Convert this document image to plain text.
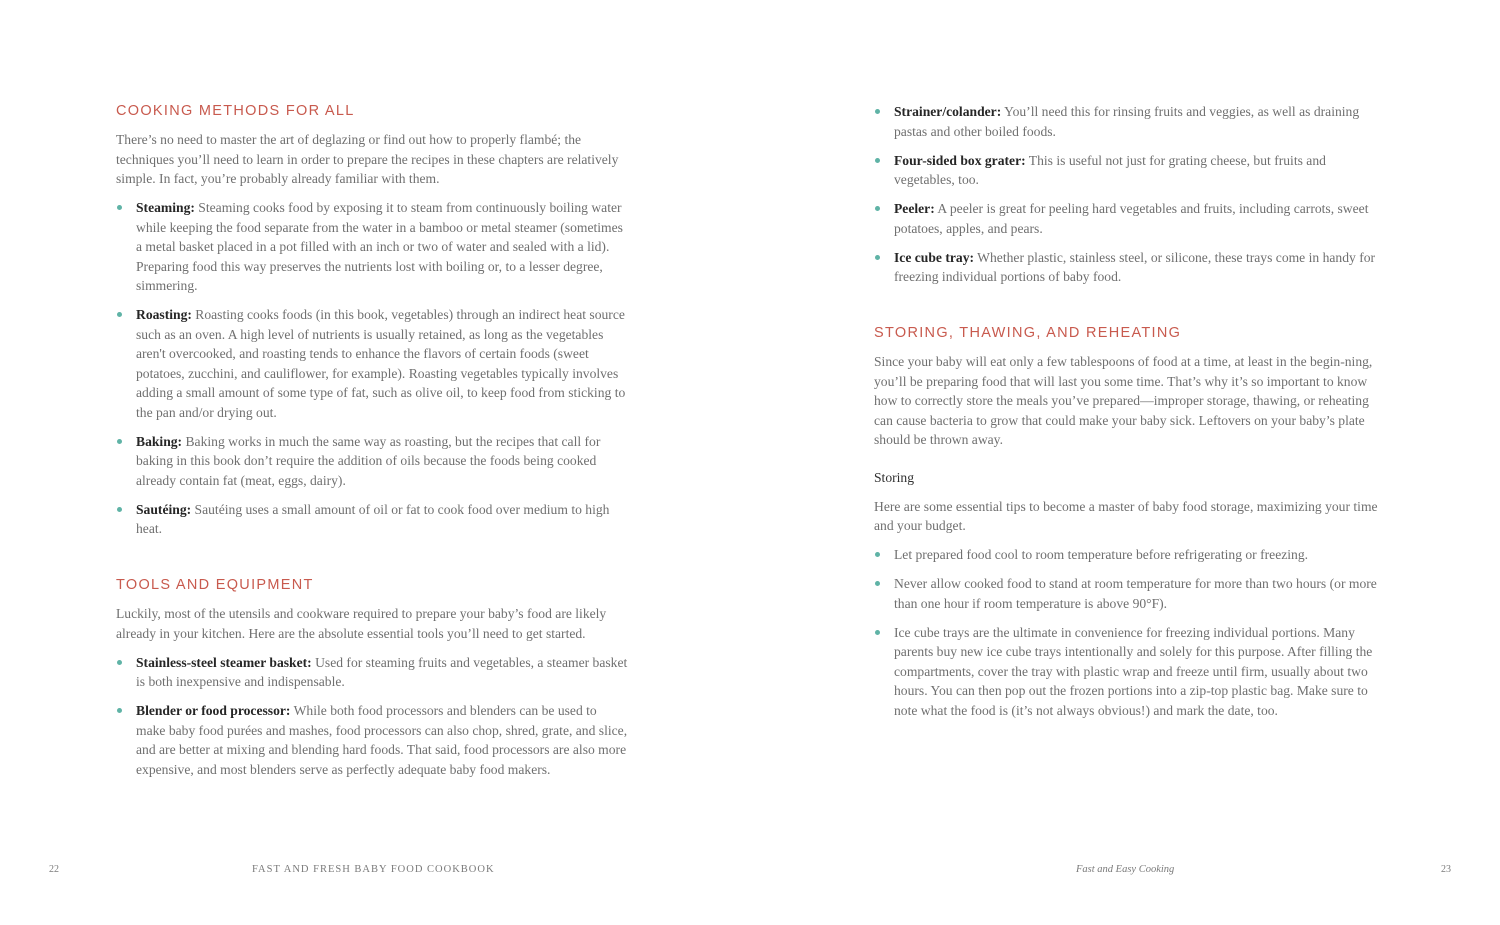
COOKING METHODS FOR ALL

There’s no need to master the art of deglazing or find out how to properly flambé; the techniques you’ll need to learn in order to prepare the recipes in these chapters are relatively simple. In fact, you’re probably already familiar with them.

Steaming: Steaming cooks food by exposing it to steam from continuously boiling water while keeping the food separate from the water in a bamboo or metal steamer (sometimes a metal basket placed in a pot filled with an inch or two of water and sealed with a lid). Preparing food this way preserves the nutrients lost with boiling or, to a lesser degree, simmering.
Roasting: Roasting cooks foods (in this book, vegetables) through an indirect heat source such as an oven. A high level of nutrients is usually retained, as long as the vegetables aren't overcooked, and roasting tends to enhance the flavors of certain foods (sweet potatoes, zucchini, and cauliflower, for example). Roasting vegetables typically involves adding a small amount of some type of fat, such as olive oil, to keep food from sticking to the pan and/or drying out.
Baking: Baking works in much the same way as roasting, but the recipes that call for baking in this book don’t require the addition of oils because the foods being cooked already contain fat (meat, eggs, dairy).
Sautéing: Sautéing uses a small amount of oil or fat to cook food over medium to high heat.
TOOLS AND EQUIPMENT

Luckily, most of the utensils and cookware required to prepare your baby’s food are likely already in your kitchen. Here are the absolute essential tools you’ll need to get started.

Stainless-steel steamer basket: Used for steaming fruits and vegetables, a steamer basket is both inexpensive and indispensable.
Blender or food processor: While both food processors and blenders can be used to make baby food purées and mashes, food processors can also chop, shred, grate, and slice, and are better at mixing and blending hard foods. That said, food processors are also more expensive, and most blenders serve as perfectly adequate baby food makers.
22	FAST AND FRESH BABY FOOD COOKBOOK
Strainer/colander: You’ll need this for rinsing fruits and veggies, as well as draining pastas and other boiled foods.
Four-sided box grater: This is useful not just for grating cheese, but fruits and vegetables, too.
Peeler: A peeler is great for peeling hard vegetables and fruits, including carrots, sweet potatoes, apples, and pears.
Ice cube tray: Whether plastic, stainless steel, or silicone, these trays come in handy for freezing individual portions of baby food.
STORING, THAWING, AND REHEATING

Since your baby will eat only a few tablespoons of food at a time, at least in the begin-ning, you’ll be preparing food that will last you some time. That’s why it’s so important to know how to correctly store the meals you’ve prepared—improper storage, thawing, or reheating can cause bacteria to grow that could make your baby sick. Leftovers on your baby’s plate should be thrown away.

Storing

Here are some essential tips to become a master of baby food storage, maximizing your time and your budget.

Let prepared food cool to room temperature before refrigerating or freezing.
Never allow cooked food to stand at room temperature for more than two hours (or more than one hour if room temperature is above 90°F).
Ice cube trays are the ultimate in convenience for freezing individual portions. Many parents buy new ice cube trays intentionally and solely for this purpose. After filling the compartments, cover the tray with plastic wrap and freeze until firm, usually about two hours. You can then pop out the frozen portions into a zip-top plastic bag. Make sure to note what the food is (it’s not always obvious!) and mark the date, too.
Fast and Easy Cooking	23
